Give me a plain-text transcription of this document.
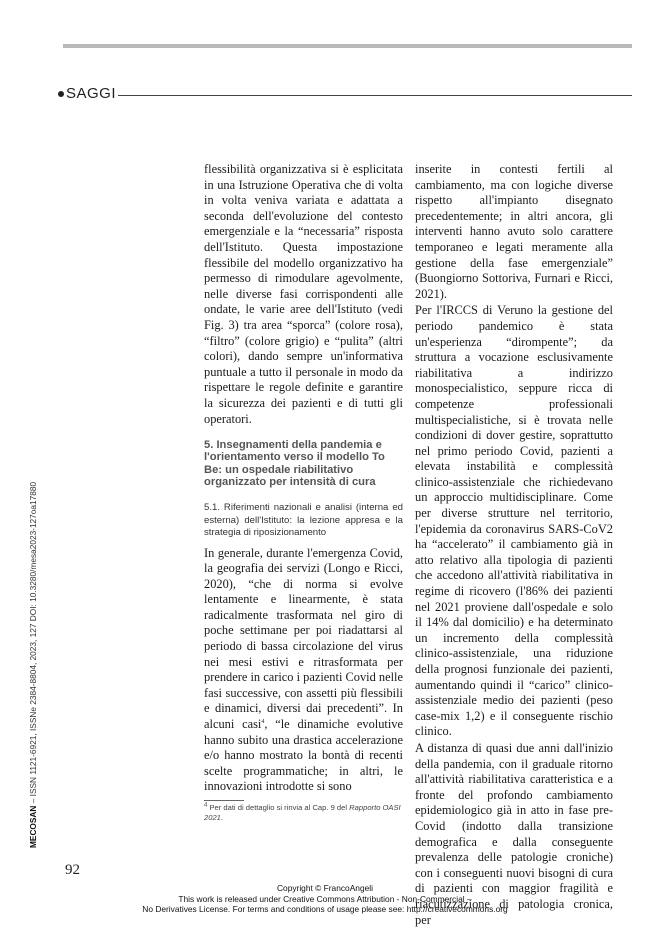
SAGGI
MECOSAN – ISSN 1121-6921, ISSNe 2384-8804, 2023, 127 DOI: 10.3280/mesa2023-127oa17880

flessibilità organizzativa si è esplicitata in una Istruzione Operativa che di volta in volta veniva variata e adattata a seconda dell'evoluzione del contesto emergenziale e la “necessaria” risposta dell'Istituto. Questa impostazione flessibile del modello organizzativo ha permesso di rimodulare agevolmente, nelle diverse fasi corrispondenti alle ondate, le varie aree dell'Istituto (vedi Fig. 3) tra area “sporca” (colore rosa), “filtro” (colore grigio) e “pulita” (altri colori), dando sempre un'informativa puntuale a tutto il personale in modo da rispettare le regole definite e garantire la sicurezza dei pazienti e di tutti gli operatori.

5. Insegnamenti della pandemia e l'orientamento verso il modello To Be: un ospedale riabilitativo organizzato per intensità di cura
5.1. Riferimenti nazionali e analisi (interna ed esterna) dell'Istituto: la lezione appresa e la strategia di riposizionamento

In generale, durante l'emergenza Covid, la geografia dei servizi (Longo e Ricci, 2020), “che di norma si evolve lentamente e linearmente, è stata radicalmente trasformata nel giro di poche settimane per poi riadattarsi al periodo di bassa circolazione del virus nei mesi estivi e ritrasformata per prendere in carico i pazienti Covid nelle fasi successive, con assetti più flessibili e dinamici, diversi dai precedenti”. In alcuni casi$^4$, “le dinamiche evolutive hanno subito una drastica accelerazione e/o hanno mostrato la bontà di recenti scelte programmatiche; in altri, le innovazioni introdotte si sono

inserite in contesti fertili al cambiamento, ma con logiche diverse rispetto all'impianto disegnato precedentemente; in altri ancora, gli interventi hanno avuto solo carattere temporaneo e legati meramente alla gestione della fase emergenziale” (Buongiorno Sottoriva, Furnari e Ricci, 2021).

Per l'IRCCS di Veruno la gestione del periodo pandemico è stata un'esperienza “dirompente”; da struttura a vocazione esclusivamente riabilitativa a indirizzo monospecialistico, seppure ricca di competenze professionali multispecialistiche, si è trovata nelle condizioni di dover gestire, soprattutto nel primo periodo Covid, pazienti a elevata instabilità e complessità clinico-assistenziale che richiedevano un approccio multidisciplinare. Come per diverse strutture nel territorio, l'epidemia da coronavirus SARS-CoV2 ha “accelerato” il cambiamento già in atto relativo alla tipologia di pazienti che accedono all'attività riabilitativa in regime di ricovero (l'86% dei pazienti nel 2021 proviene dall'ospedale e solo il 14% dal domicilio) e ha determinato un incremento della complessità clinico-assistenziale, una riduzione della prognosi funzionale dei pazienti, aumentando quindi il “carico” clinico-assistenziale medio dei pazienti (peso case-mix 1,2) e il conseguente rischio clinico.

A distanza di quasi due anni dall'inizio della pandemia, con il graduale ritorno all'attività riabilitativa caratteristica e a fronte del profondo cambiamento epidemiologico già in atto in fase pre-Covid (indotto dalla transizione demografica e dalla conseguente prevalenza delle patologie croniche) con i conseguenti nuovi bisogni di cura di pazienti con maggior fragilità e riacutizzazione di patologia cronica, per

$^4$ Per dati di dettaglio si rinvia al Cap. 9 del Rapporto OASI 2021.
92
Copyright © FrancoAngeli
This work is released under Creative Commons Attribution - Non-Commercial –
No Derivatives License. For terms and conditions of usage please see: http://creativecommons.org
